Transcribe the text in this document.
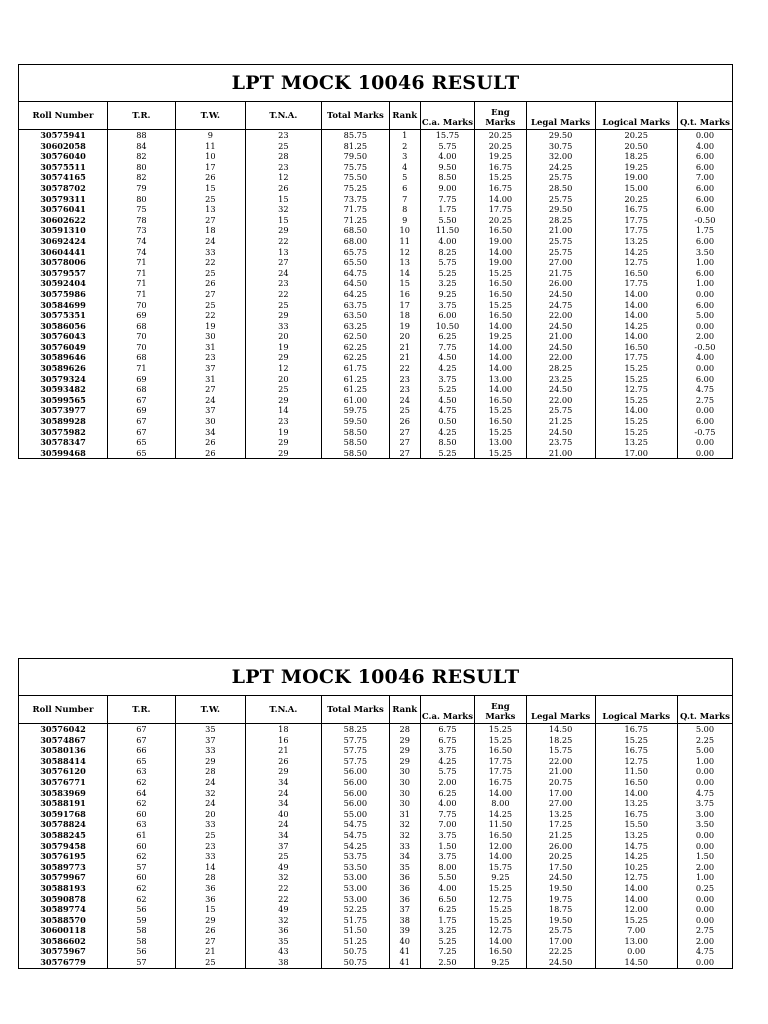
LPT MOCK 10046 RESULT
Roll Number	T.R.	T.W.	T.N.A.	Total Marks	Rank	C.a. Marks	Eng Marks	Legal Marks	Logical Marks	Q.t. Marks
30575941	88	9	23	85.75	1	15.75	20.25	29.50	20.25	0.00
30602058	84	11	25	81.25	2	5.75	20.25	30.75	20.50	4.00
30576040	82	10	28	79.50	3	4.00	19.25	32.00	18.25	6.00
30575511	80	17	23	75.75	4	9.50	16.75	24.25	19.25	6.00
30574165	82	26	12	75.50	5	8.50	15.25	25.75	19.00	7.00
30578702	79	15	26	75.25	6	9.00	16.75	28.50	15.00	6.00
30579311	80	25	15	73.75	7	7.75	14.00	25.75	20.25	6.00
30576041	75	13	32	71.75	8	1.75	17.75	29.50	16.75	6.00
30602622	78	27	15	71.25	9	5.50	20.25	28.25	17.75	-0.50
30591310	73	18	29	68.50	10	11.50	16.50	21.00	17.75	1.75
30692424	74	24	22	68.00	11	4.00	19.00	25.75	13.25	6.00
30604441	74	33	13	65.75	12	8.25	14.00	25.75	14.25	3.50
30578006	71	22	27	65.50	13	5.75	19.00	27.00	12.75	1.00
30579557	71	25	24	64.75	14	5.25	15.25	21.75	16.50	6.00
30592404	71	26	23	64.50	15	3.25	16.50	26.00	17.75	1.00
30575986	71	27	22	64.25	16	9.25	16.50	24.50	14.00	0.00
30584699	70	25	25	63.75	17	3.75	15.25	24.75	14.00	6.00
30575351	69	22	29	63.50	18	6.00	16.50	22.00	14.00	5.00
30586056	68	19	33	63.25	19	10.50	14.00	24.50	14.25	0.00
30576043	70	30	20	62.50	20	6.25	19.25	21.00	14.00	2.00
30576049	70	31	19	62.25	21	7.75	14.00	24.50	16.50	-0.50
30589646	68	23	29	62.25	21	4.50	14.00	22.00	17.75	4.00
30589626	71	37	12	61.75	22	4.25	14.00	28.25	15.25	0.00
30579324	69	31	20	61.25	23	3.75	13.00	23.25	15.25	6.00
30593482	68	27	25	61.25	23	5.25	14.00	24.50	12.75	4.75
30599565	67	24	29	61.00	24	4.50	16.50	22.00	15.25	2.75
30573977	69	37	14	59.75	25	4.75	15.25	25.75	14.00	0.00
30589928	67	30	23	59.50	26	0.50	16.50	21.25	15.25	6.00
30575982	67	34	19	58.50	27	4.25	15.25	24.50	15.25	-0.75
30578347	65	26	29	58.50	27	8.50	13.00	23.75	13.25	0.00
30599468	65	26	29	58.50	27	5.25	15.25	21.00	17.00	0.00
LPT MOCK 10046 RESULT
Roll Number	T.R.	T.W.	T.N.A.	Total Marks	Rank	C.a. Marks	Eng Marks	Legal Marks	Logical Marks	Q.t. Marks
30576042	67	35	18	58.25	28	6.75	15.25	14.50	16.75	5.00
30574867	67	37	16	57.75	29	6.75	15.25	18.25	15.25	2.25
30580136	66	33	21	57.75	29	3.75	16.50	15.75	16.75	5.00
30588414	65	29	26	57.75	29	4.25	17.75	22.00	12.75	1.00
30576120	63	28	29	56.00	30	5.75	17.75	21.00	11.50	0.00
30576771	62	24	34	56.00	30	2.00	16.75	20.75	16.50	0.00
30583969	64	32	24	56.00	30	6.25	14.00	17.00	14.00	4.75
30588191	62	24	34	56.00	30	4.00	8.00	27.00	13.25	3.75
30591768	60	20	40	55.00	31	7.75	14.25	13.25	16.75	3.00
30578824	63	33	24	54.75	32	7.00	11.50	17.25	15.50	3.50
30588245	61	25	34	54.75	32	3.75	16.50	21.25	13.25	0.00
30579458	60	23	37	54.25	33	1.50	12.00	26.00	14.75	0.00
30576195	62	33	25	53.75	34	3.75	14.00	20.25	14.25	1.50
30589773	57	14	49	53.50	35	8.00	15.75	17.50	10.25	2.00
30579967	60	28	32	53.00	36	5.50	9.25	24.50	12.75	1.00
30588193	62	36	22	53.00	36	4.00	15.25	19.50	14.00	0.25
30590878	62	36	22	53.00	36	6.50	12.75	19.75	14.00	0.00
30589774	56	15	49	52.25	37	6.25	15.25	18.75	12.00	0.00
30588570	59	29	32	51.75	38	1.75	15.25	19.50	15.25	0.00
30600118	58	26	36	51.50	39	3.25	12.75	25.75	7.00	2.75
30586602	58	27	35	51.25	40	5.25	14.00	17.00	13.00	2.00
30575967	56	21	43	50.75	41	7.25	16.50	22.25	0.00	4.75
30576779	57	25	38	50.75	41	2.50	9.25	24.50	14.50	0.00
